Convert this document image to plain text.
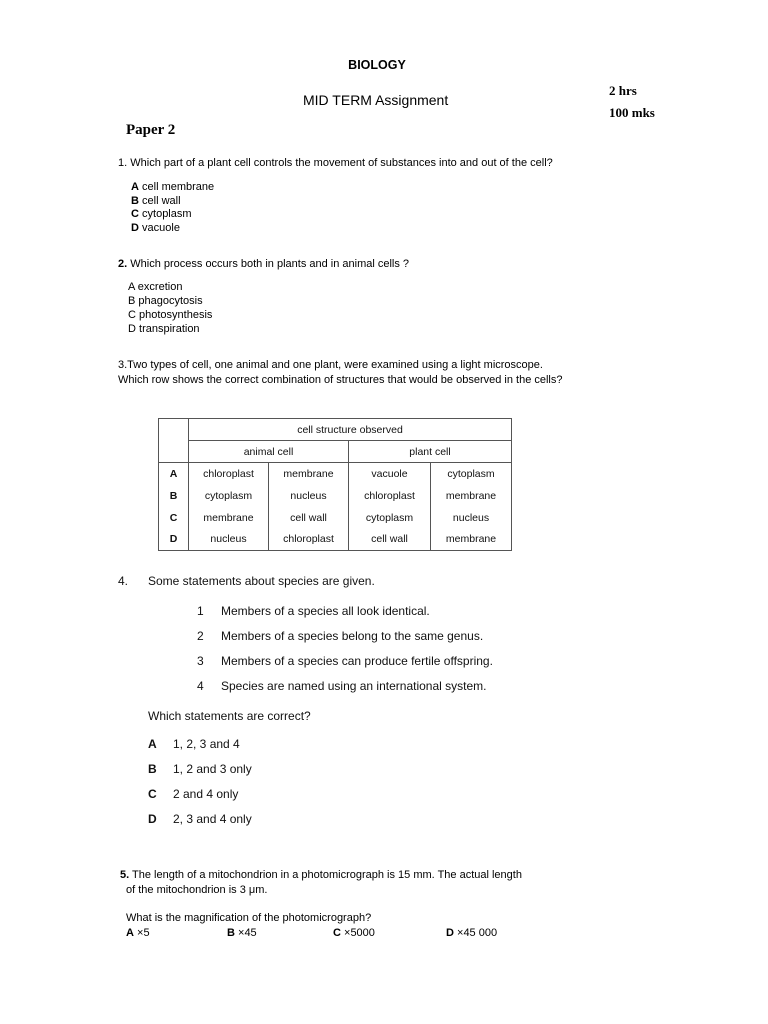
BIOLOGY
MID TERM Assignment
2 hrs
100 mks
Paper 2
1. Which part of a plant cell controls the movement of substances into and out of the cell?
A cell membrane
B cell wall
C cytoplasm
D vacuole
2. Which process occurs both in plants and in animal cells ?
A excretion
B phagocytosis
C photosynthesis
D transpiration
3.Two types of cell, one animal and one plant, were examined using a light microscope.
Which row shows the correct combination of structures that would be observed in the cells?
	cell structure observed			
	animal cell		plant cell	
A	chloroplast	membrane	vacuole	cytoplasm
B	cytoplasm	nucleus	chloroplast	membrane
C	membrane	cell wall	cytoplasm	nucleus
D	nucleus	chloroplast	cell wall	membrane
4. Some statements about species are given.
1 Members of a species all look identical.
2 Members of a species belong to the same genus.
3 Members of a species can produce fertile offspring.
4 Species are named using an international system.
Which statements are correct?
A 1, 2, 3 and 4
B 1, 2 and 3 only
C 2 and 4 only
D 2, 3 and 4 only
5. The length of a mitochondrion in a photomicrograph is 15 mm. The actual length
of the mitochondrion is 3 μm.
What is the magnification of the photomicrograph?
A ×5	B ×45	C ×5000	D ×45 000
